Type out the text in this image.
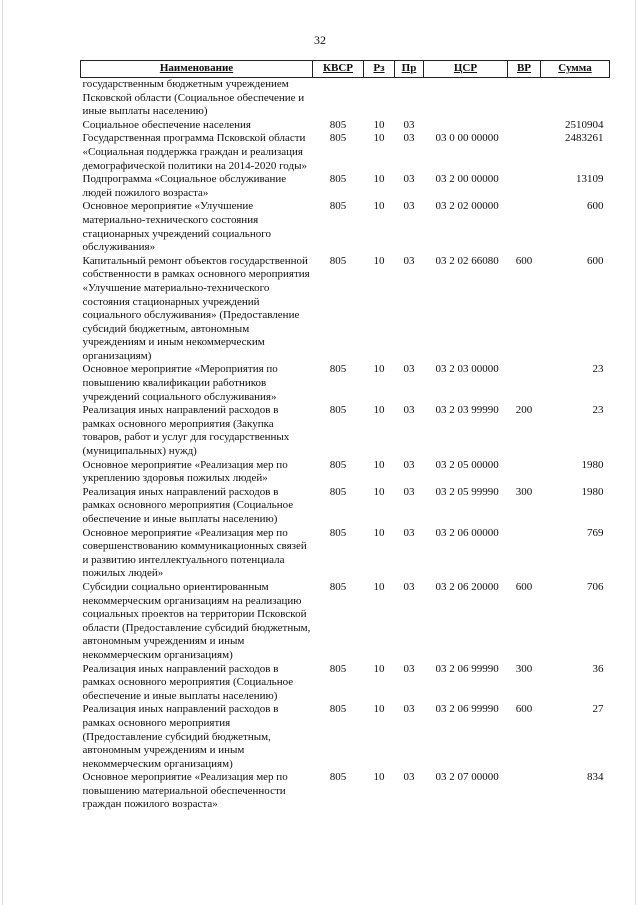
32
Наименование	КВСР	Рз	Пр	ЦСР	ВР	Сумма
государственным бюджетным учреждением Псковской области (Социальное обеспечение и иные выплаты населению)						
Социальное обеспечение населения	805	10	03			2510904
Государственная программа Псковской области «Социальная поддержка граждан и реализация демографической политики на 2014-2020 годы»	805	10	03	03 0 00 00000		2483261
Подпрограмма «Социальное обслуживание людей пожилого возраста»	805	10	03	03 2 00 00000		13109
Основное мероприятие «Улучшение материально-технического состояния стационарных учреждений социального обслуживания»	805	10	03	03 2 02 00000		600
Капитальный ремонт объектов государственной собственности в рамках основного мероприятия «Улучшение материально-технического состояния стационарных учреждений социального обслуживания» (Предоставление субсидий бюджетным, автономным учреждениям и иным некоммерческим организациям)	805	10	03	03 2 02 66080	600	600
Основное мероприятие «Мероприятия по повышению квалификации работников учреждений социального обслуживания»	805	10	03	03 2 03 00000		23
Реализация иных направлений расходов в рамках основного мероприятия (Закупка товаров, работ и услуг для государственных (муниципальных) нужд)	805	10	03	03 2 03 99990	200	23
Основное мероприятие «Реализация мер по укреплению здоровья пожилых людей»	805	10	03	03 2 05 00000		1980
Реализация иных направлений расходов в рамках основного мероприятия (Социальное обеспечение и иные выплаты населению)	805	10	03	03 2 05 99990	300	1980
Основное мероприятие «Реализация мер по совершенствованию коммуникационных связей и развитию интеллектуального потенциала пожилых людей»	805	10	03	03 2 06 00000		769
Субсидии социально ориентированным некоммерческим организациям на реализацию социальных проектов на территории Псковской области (Предоставление субсидий бюджетным, автономным учреждениям и иным некоммерческим организациям)	805	10	03	03 2 06 20000	600	706
Реализация иных направлений расходов в рамках основного мероприятия (Социальное обеспечение и иные выплаты населению)	805	10	03	03 2 06 99990	300	36
Реализация иных направлений расходов в рамках основного мероприятия (Предоставление субсидий бюджетным, автономным учреждениям и иным некоммерческим организациям)	805	10	03	03 2 06 99990	600	27
Основное мероприятие «Реализация мер по повышению материальной обеспеченности граждан пожилого возраста»	805	10	03	03 2 07 00000		834
